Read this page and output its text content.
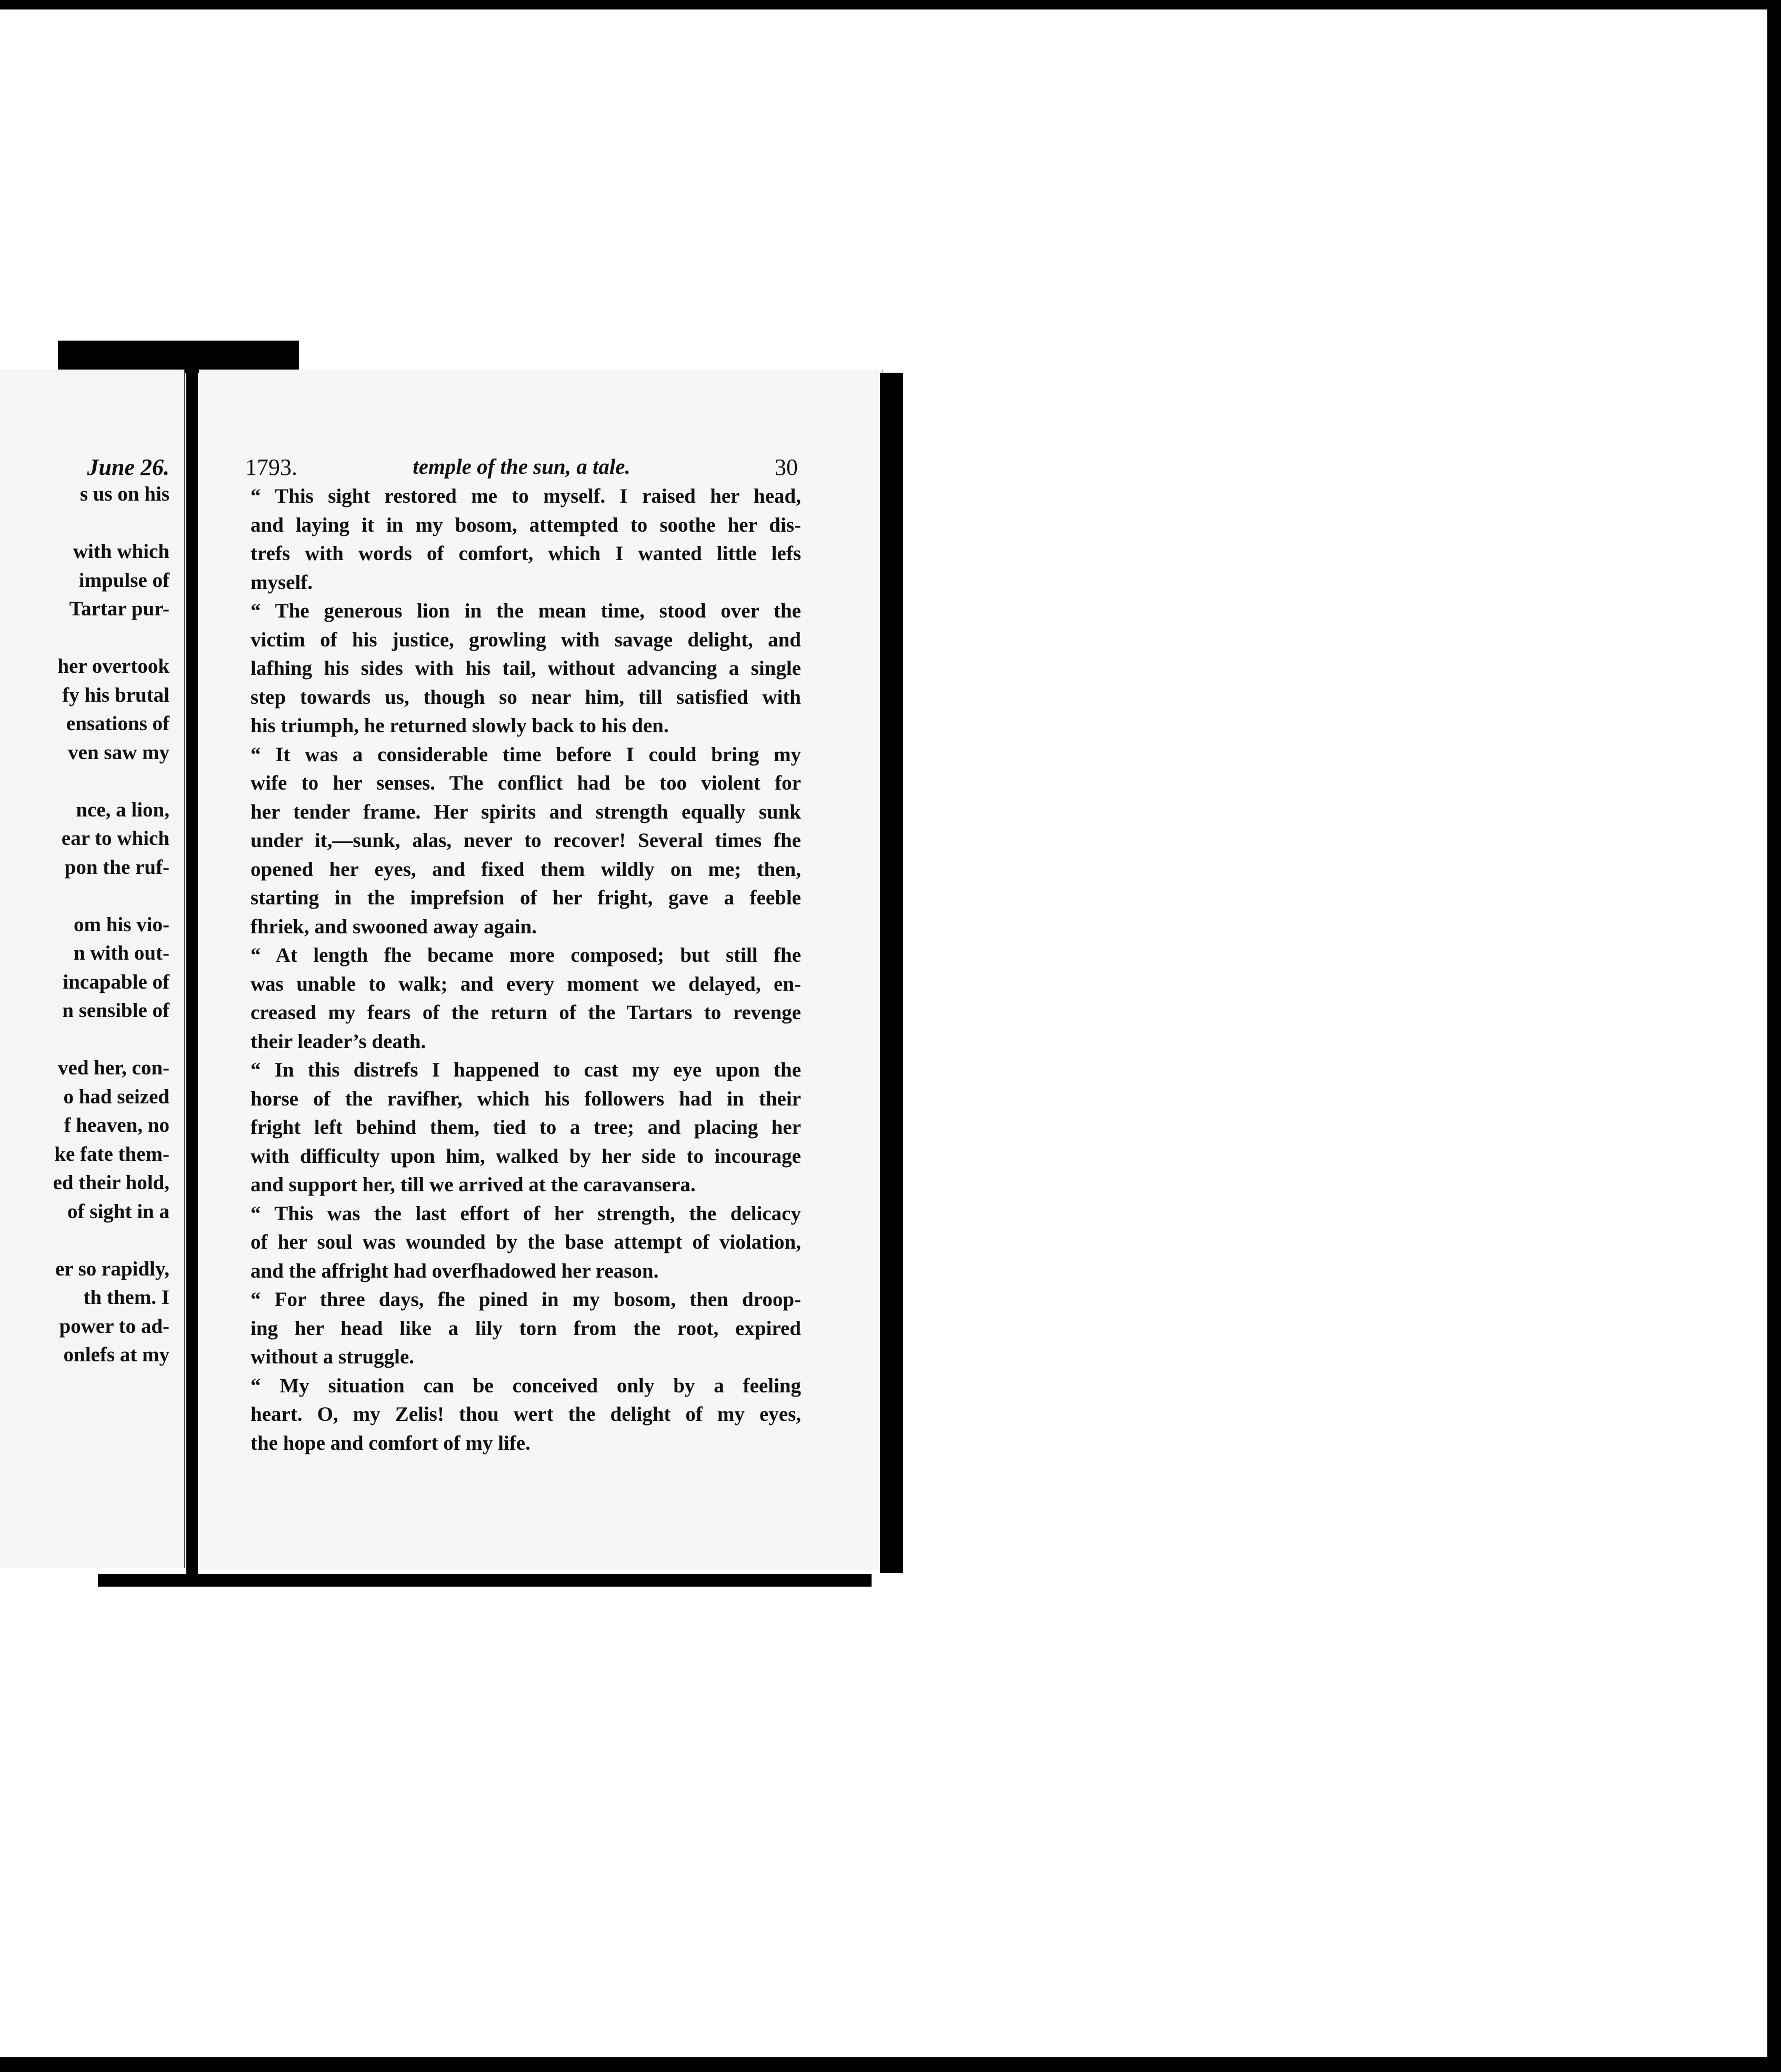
June 26.
s us on his
with which
impulse of
Tartar pur-
her overtook
fy his brutal
ensations of
ven saw my
nce, a lion,
ear to which
pon the ruf-
om his vio-
n with out-
incapable of
n sensible of
ved her, con-
o had seized
f heaven, no
ke fate them-
ed their hold,
of sight in a
er so rapidly,
th them. I
power to ad-
onlefs at my
1793.	temple of the sun, a tale.	30
“ This sight restored me to myself. I raised her head,
and laying it in my bosom, attempted to soothe her dis-
trefs with words of comfort, which I wanted little lefs
myself.
“ The generous lion in the mean time, stood over the
victim of his justice, growling with savage delight, and
lafhing his sides with his tail, without advancing a single
step towards us, though so near him, till satisfied with
his triumph, he returned slowly back to his den.
“ It was a considerable time before I could bring my
wife to her senses. The conflict had be too violent for
her tender frame. Her spirits and strength equally sunk
under it,—sunk, alas, never to recover! Several times fhe
opened her eyes, and fixed them wildly on me; then,
starting in the imprefsion of her fright, gave a feeble
fhriek, and swooned away again.
“ At length fhe became more composed; but still fhe
was unable to walk; and every moment we delayed, en-
creased my fears of the return of the Tartars to revenge
their leader’s death.
“ In this distrefs I happened to cast my eye upon the
horse of the ravifher, which his followers had in their
fright left behind them, tied to a tree; and placing her
with difficulty upon him, walked by her side to incourage
and support her, till we arrived at the caravansera.
“ This was the last effort of her strength, the delicacy
of her soul was wounded by the base attempt of violation,
and the affright had overfhadowed her reason.
“ For three days, fhe pined in my bosom, then droop-
ing her head like a lily torn from the root, expired
without a struggle.
“ My situation can be conceived only by a feeling
heart. O, my Zelis! thou wert the delight of my eyes,
the hope and comfort of my life.
